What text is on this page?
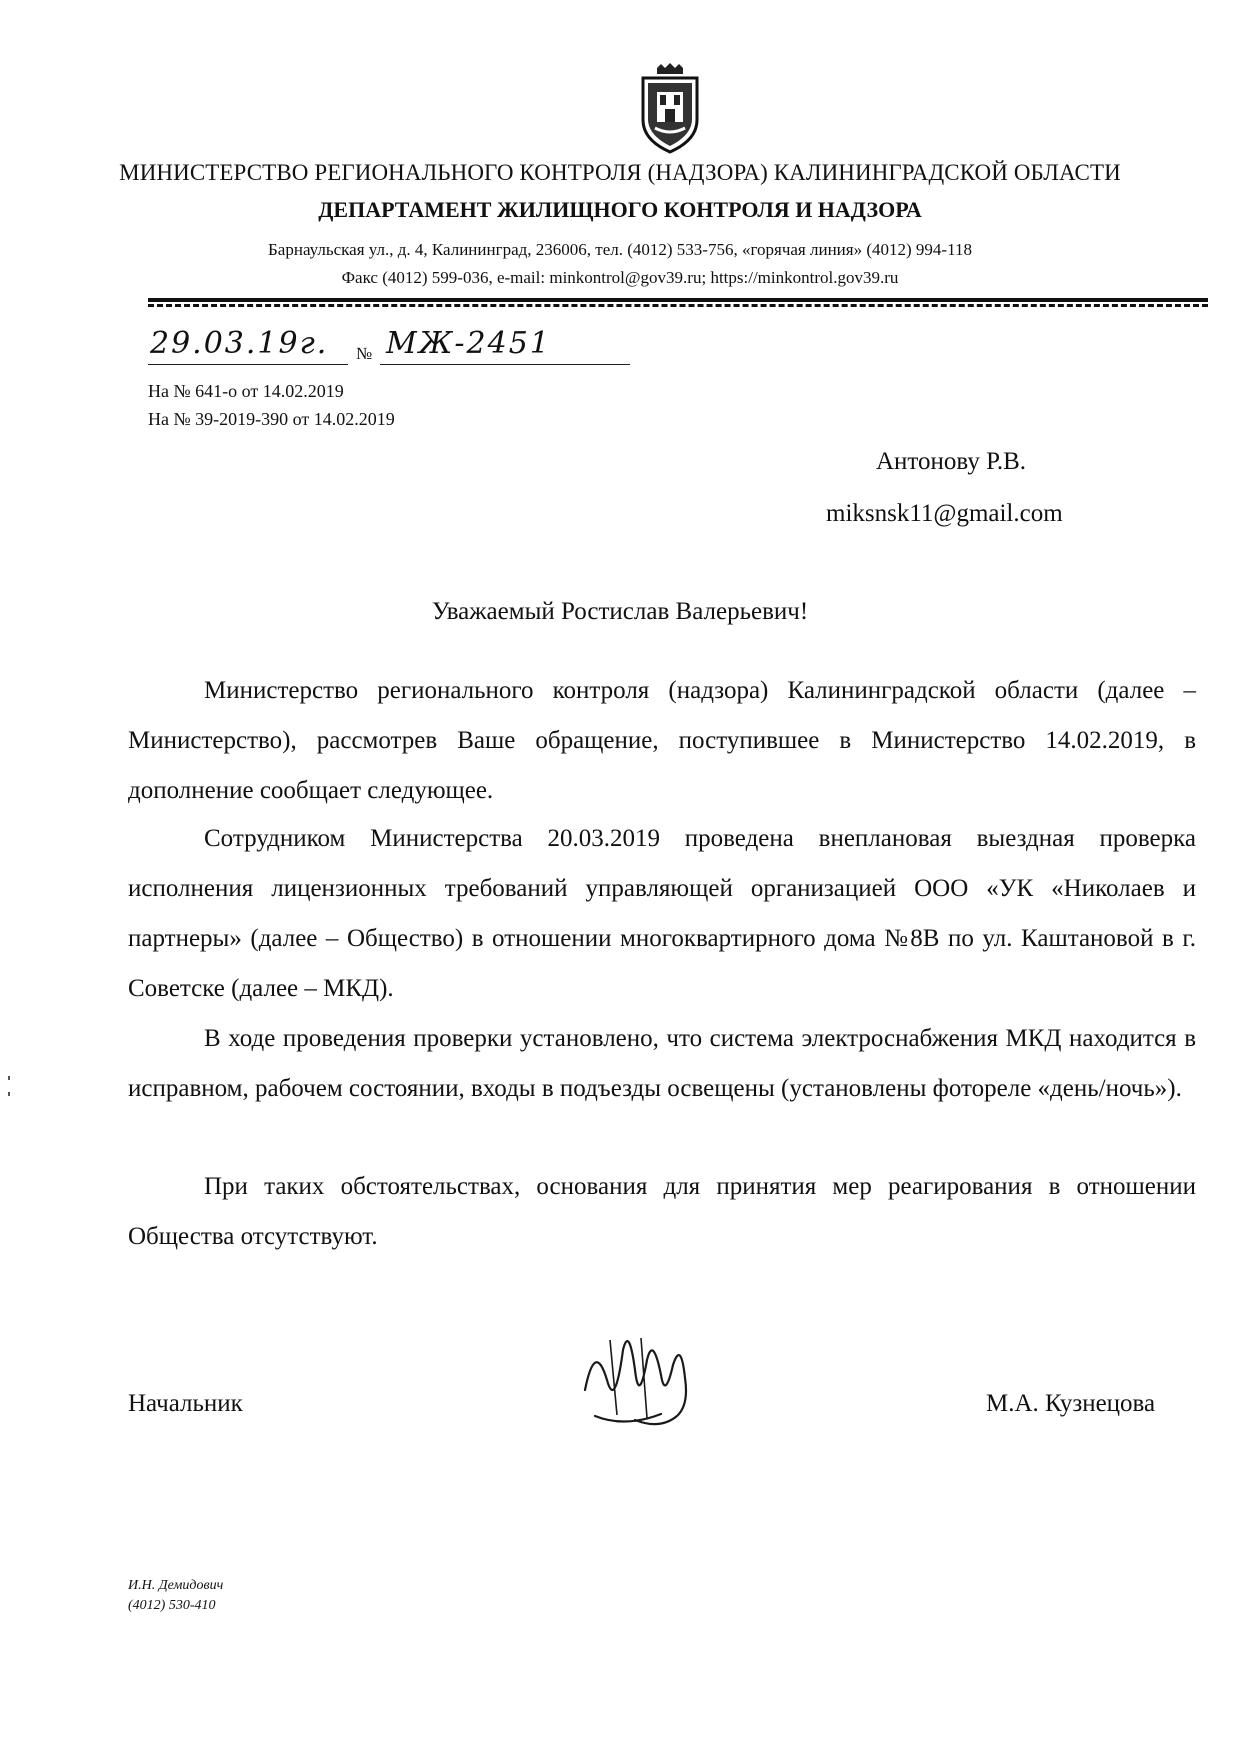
МИНИСТЕРСТВО РЕГИОНАЛЬНОГО КОНТРОЛЯ (НАДЗОРА) КАЛИНИНГРАДСКОЙ ОБЛАСТИ
ДЕПАРТАМЕНТ ЖИЛИЩНОГО КОНТРОЛЯ И НАДЗОРА
Барнаульская ул., д. 4, Калининград, 236006, тел. (4012) 533-756, «горячая линия» (4012) 994-118
Факс (4012) 599-036, e-mail: minkontrol@gov39.ru; https://minkontrol.gov39.ru
29.03.19г. № МЖ-2451
На № 641-о от 14.02.2019
На № 39-2019-390 от 14.02.2019
Антонову Р.В.
miksnsk11@gmail.com
Уважаемый Ростислав Валерьевич!

Министерство регионального контроля (надзора) Калининградской области (далее – Министерство), рассмотрев Ваше обращение, поступившее в Министерство 14.02.2019, в дополнение сообщает следующее.

Сотрудником Министерства 20.03.2019 проведена внеплановая выездная проверка исполнения лицензионных требований управляющей организацией ООО «УК «Николаев и партнеры» (далее – Общество) в отношении многоквартирного дома №8В по ул. Каштановой в г. Советске (далее – МКД).

В ходе проведения проверки установлено, что система электроснабжения МКД находится в исправном, рабочем состоянии, входы в подъезды освещены (установлены фотореле «день/ночь»).

При таких обстоятельствах, основания для принятия мер реагирования в отношении Общества отсутствуют.

Начальник	М.А. Кузнецова
И.Н. Демидович
(4012) 530-410
